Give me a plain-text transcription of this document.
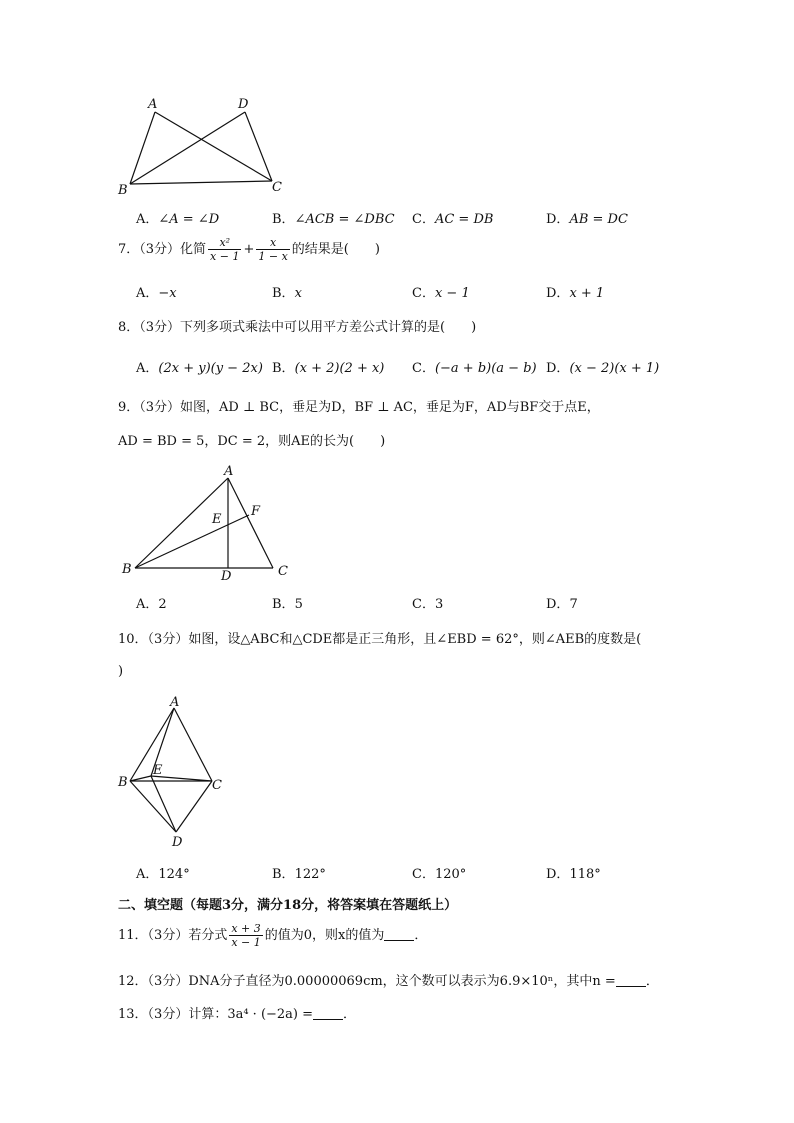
A	D
B	C
A．∠A = ∠D	B．∠ACB = ∠DBC C．AC = DB	D．AB = DC
7．（3分）化简 $\frac{\text{x²}}{x - 1} + \frac{x}{1 - x}$ 的结果是(　　)
A．−x	B．x	C．x − 1	D．x + 1
8．（3分）下列多项式乘法中可以用平方差公式计算的是(　　)
A．(2x + y)(y − 2x) B．(x + 2)(2 + x) C．(−a + b)(a − b) D．(x − 2)(x + 1)
9．（3分）如图，AD ⊥ BC，垂足为D，BF ⊥ AC，垂足为F，AD与BF交于点E，
AD = BD = 5，DC = 2，则AE的长为(　　)
A
E
F
B	D	C
A．2	B．5	C．3	D．7
10．（3分）如图，设△ABC和△CDE都是正三角形，且∠EBD = 62°，则∠AEB的度数是(
)
A
E
B	C
D
A．124°	B．122°	C．120°	D．118°
二、填空题（每题3分，满分18分，将答案填在答题纸上）
11．（3分）若分式 $\frac{x + 3}{x - 1}$ 的值为0，则x的值为 ．
12．（3分）DNA分子直径为0.00000069cm，这个数可以表示为6.9×10ⁿ，其中n = ．
13．（3分）计算：3a⁴ · (−2a) = ．
